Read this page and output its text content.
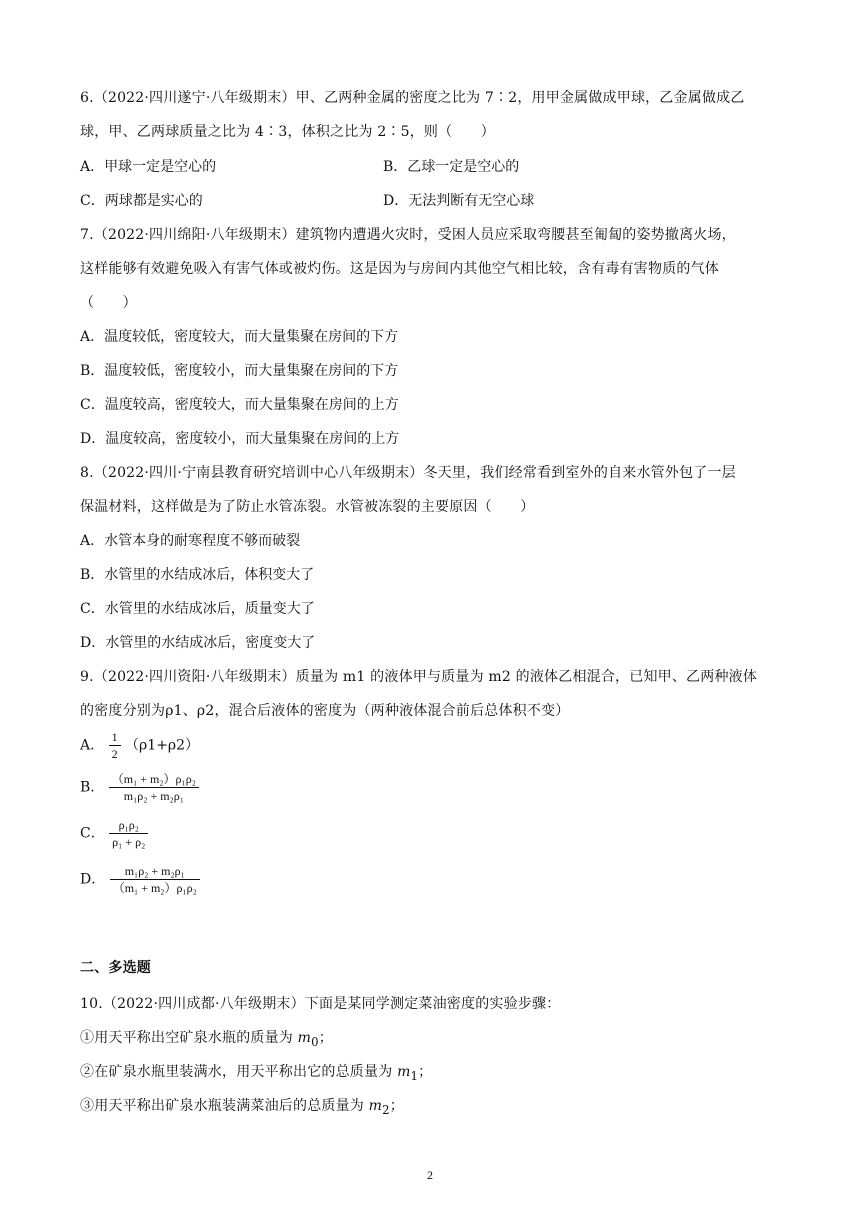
6.（2022·四川遂宁·八年级期末）甲、乙两种金属的密度之比为 7∶2，用甲金属做成甲球，乙金属做成乙
球，甲、乙两球质量之比为 4∶3，体积之比为 2∶5，则（　　）
A．甲球一定是空心的	B．乙球一定是空心的
C．两球都是实心的	D．无法判断有无空心球
7.（2022·四川绵阳·八年级期末）建筑物内遭遇火灾时，受困人员应采取弯腰甚至匍匐的姿势撤离火场，
这样能够有效避免吸入有害气体或被灼伤。这是因为与房间内其他空气相比较，含有毒有害物质的气体
（　　）
A．温度较低，密度较大，而大量集聚在房间的下方
B．温度较低，密度较小，而大量集聚在房间的下方
C．温度较高，密度较大，而大量集聚在房间的上方
D．温度较高，密度较小，而大量集聚在房间的上方
8.（2022·四川·宁南县教育研究培训中心八年级期末）冬天里，我们经常看到室外的自来水管外包了一层
保温材料，这样做是为了防止水管冻裂。水管被冻裂的主要原因（　　）
A．水管本身的耐寒程度不够而破裂
B．水管里的水结成冰后，体积变大了
C．水管里的水结成冰后，质量变大了
D．水管里的水结成冰后，密度变大了
9.（2022·四川资阳·八年级期末）质量为 m1 的液体甲与质量为 m2 的液体乙相混合，已知甲、乙两种液体
的密度分别为ρ1、ρ2，混合后液体的密度为（两种液体混合前后总体积不变）
A． $\frac{1}{2} (\rho 1+\rho 2)$
B． $\frac{\text{（m₁ + m₂）ρ₁ρ₂}}{\text{m₁ρ₂ + m₂ρ₁}}$
C． $\frac{\text{ρ₁ρ₂}}{\text{ρ₁ + ρ₂}}$
D． $\frac{\text{m₁ρ₂ + m₂ρ₁}}{\text{（m₁ + m₂）ρ₁ρ₂}}$
二、多选题
10.（2022·四川成都·八年级期末）下面是某同学测定菜油密度的实验步骤：
①用天平称出空矿泉水瓶的质量为 $m_0$；
②在矿泉水瓶里装满水，用天平称出它的总质量为 $m_1$；
③用天平称出矿泉水瓶装满菜油后的总质量为 $m_2$；
2
